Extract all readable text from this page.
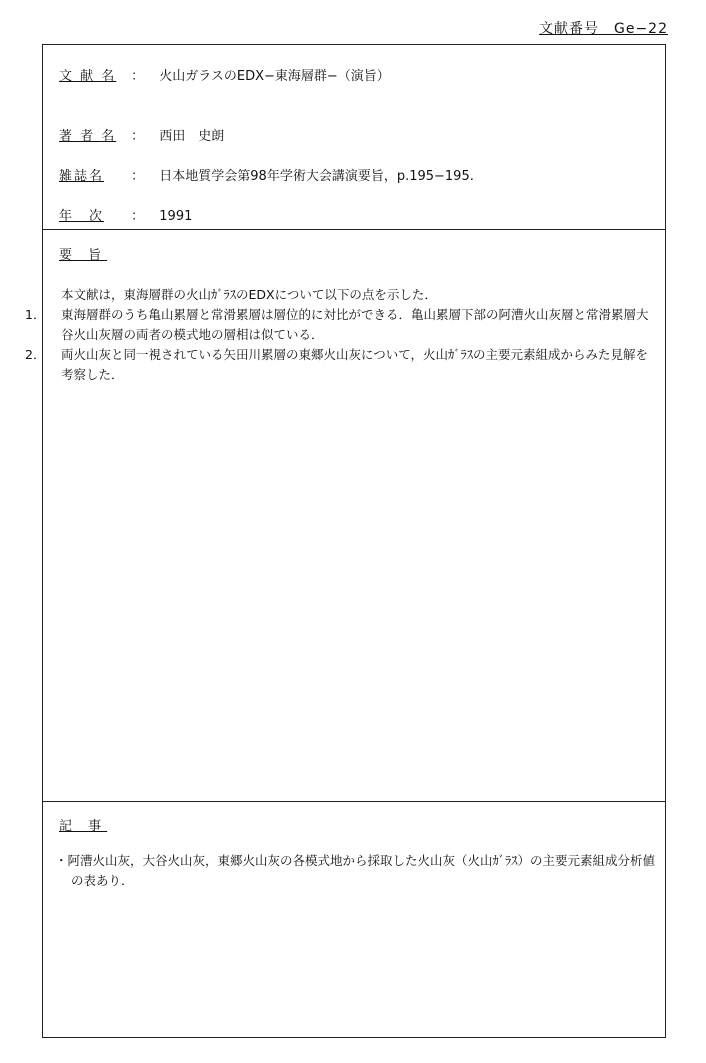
文献番号　Ge−22
文 献 名 ： 火山ガラスのEDX−東海層群−（演旨）
著 者 名 ： 西田　史朗
雑誌名 ： 日本地質学会第98年学術大会講演要旨，p.195−195.
年　次 ： 1991
要 旨

本文献は，東海層群の火山ｶﾞﾗｽのEDXについて以下の点を示した．

1． 東海層群のうち亀山累層と常滑累層は層位的に対比ができる．亀山累層下部の阿漕火山灰層と常滑累層大谷火山灰層の両者の模式地の層相は似ている．

2． 両火山灰と同一視されている矢田川累層の東郷火山灰について，火山ｶﾞﾗｽの主要元素組成からみた見解を考察した．

記 事

・阿漕火山灰，大谷火山灰，東郷火山灰の各模式地から採取した火山灰（火山ｶﾞﾗｽ）の主要元素組成分析値の表あり．
